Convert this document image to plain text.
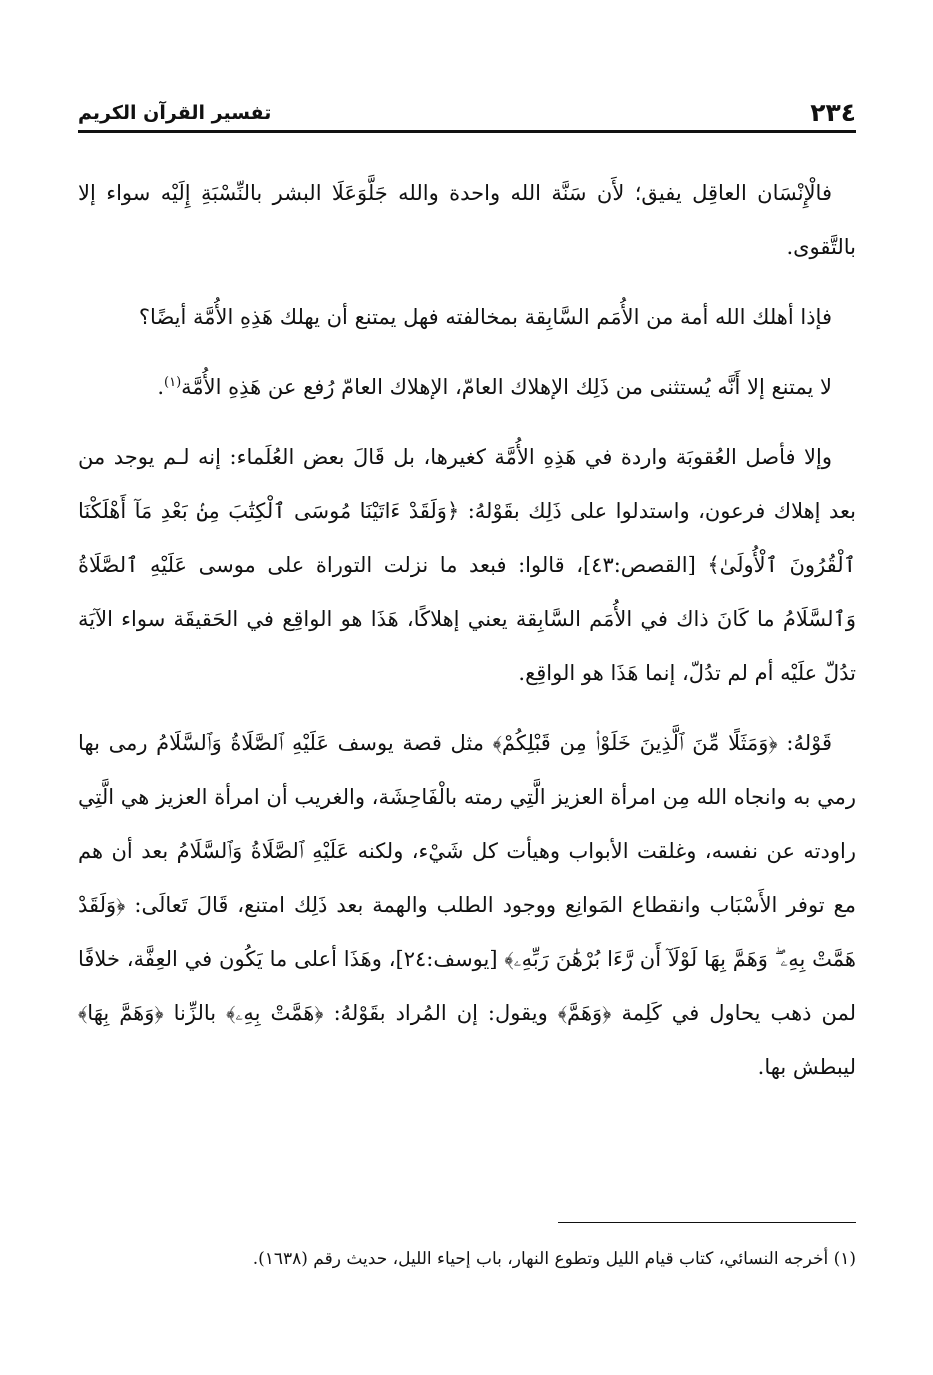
٢٣٤
تفسير القرآن الكريم

فالْإِنْسَان العاقِل يفيق؛ لأَن سَنَّة الله واحدة والله جَلَّوَعَلَا البشر بالنِّسْبَةِ إِلَيْه سواء إلا بالتَّقوى.

فإذا أهلك الله أمة من الأُمَم السَّابِقة بمخالفته فهل يمتنع أن يهلك هَذِهِ الأُمَّة أيضًا؟

لا يمتنع إلا أَنَّه يُستثنى من ذَلِك الإهلاك العامّ، الإهلاك العامّ رُفع عن هَذِهِ الأُمَّة$^{(١)}$.

وإلا فأصل العُقوبَة واردة في هَذِهِ الأُمَّة كغيرها، بل قَالَ بعض العُلَماء: إنه لـم يوجد من بعد إهلاك فرعون، واستدلوا على ذَلِك بقَوْلهُ: ﴿وَلَقَدْ ءَاتَيْنَا مُوسَى ٱلْكِتَٰبَ مِنۢ بَعْدِ مَآ أَهْلَكْنَا ٱلْقُرُونَ ٱلْأُولَىٰ﴾ [القصص:٤٣]، قالوا: فبعد ما نزلت التوراة على موسى عَلَيْهِ ٱلصَّلَاةُ وَٱلسَّلَامُ ما كَانَ ذاك في الأُمَم السَّابِقة يعني إهلاكًا، هَذَا هو الواقِع في الحَقيقَة سواء الآيَة تدُلّ علَيْه أم لم تدُلّ، إنما هَذَا هو الواقِع.

قَوْلهُ: ﴿وَمَثَلًا مِّنَ ٱلَّذِينَ خَلَوْا۟ مِن قَبْلِكُمْ﴾ مثل قصة يوسف عَلَيْهِ ٱلصَّلَاةُ وَٱلسَّلَامُ رمى بها رمي به وانجاه الله مِن امرأة العزيز الَّتِي رمته بالْفَاحِشَة، والغريب أن امرأة العزيز هي الَّتِي راودته عن نفسه، وغلقت الأبواب وهيأت كل شَيْء، ولكنه عَلَيْهِ ٱلصَّلَاةُ وَٱلسَّلَامُ بعد أن هم مع توفر الأَسْبَاب وانقطاع المَوانِع ووجود الطلب والهمة بعد ذَلِك امتنع، قَالَ تَعالَى: ﴿وَلَقَدْ هَمَّتْ بِهِۦ ۖ وَهَمَّ بِهَا لَوْلَآ أَن رَّءَا بُرْهَٰنَ رَبِّهِۦ﴾ [يوسف:٢٤]، وهَذَا أعلى ما يَكُون في العِفَّة، خلافًا لمن ذهب يحاول في كَلِمة ﴿وَهَمَّ﴾ ويقول: إن المُراد بقَوْلهُ: ﴿هَمَّتْ بِهِۦ﴾ بالزِّنا ﴿وَهَمَّ بِهَا﴾ ليبطش بها.

(١) أخرجه النسائي، كتاب قيام الليل وتطوع النهار، باب إحياء الليل، حديث رقم (١٦٣٨).
